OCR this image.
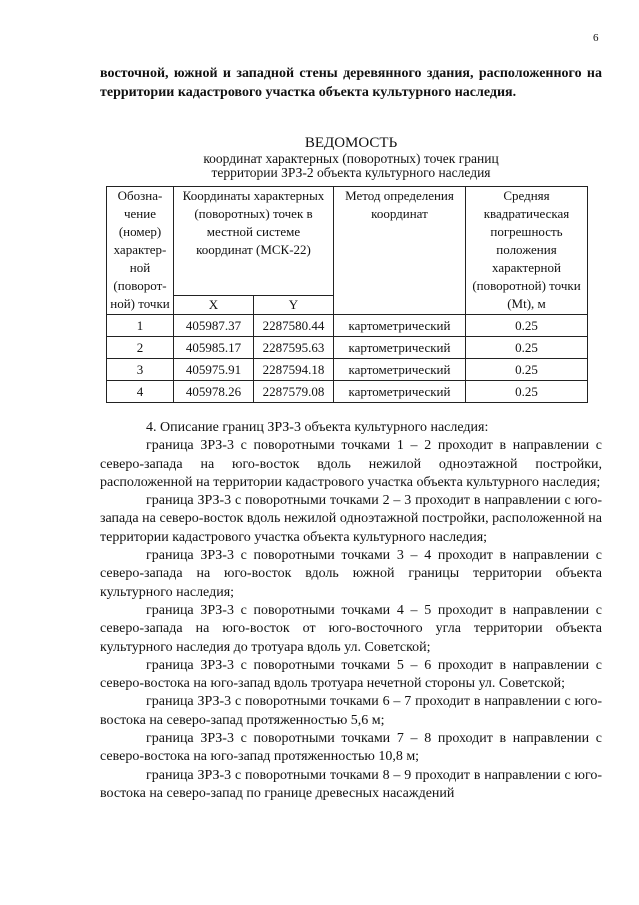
6

восточной, южной и западной стены деревянного здания, расположенного на территории кадастрового участка объекта культурного наследия.

ВЕДОМОСТЬ
координат характерных (поворотных) точек границ
территории ЗРЗ-2 объекта культурного наследия
Обозна- чение (номер) характер- ной (поворот- ной) точки	Координаты характерных (поворотных) точек в местной системе координат (МСК-22)		Метод определения координат	Средняя квадратическая погрешность положения характерной (поворотной) точки (Mt), м
	X	Y		
1	405987.37	2287580.44	картометрический	0.25
2	405985.17	2287595.63	картометрический	0.25
3	405975.91	2287594.18	картометрический	0.25
4	405978.26	2287579.08	картометрический	0.25

4. Описание границ ЗРЗ-3 объекта культурного наследия:

граница ЗРЗ-3 с поворотными точками 1 – 2 проходит в направлении с северо-запада на юго-восток вдоль нежилой одноэтажной постройки, расположенной на территории кадастрового участка объекта культурного наследия;

граница ЗРЗ-3 с поворотными точками 2 – 3 проходит в направлении с юго-запада на северо-восток вдоль нежилой одноэтажной постройки, расположенной на территории кадастрового участка объекта культурного наследия;

граница ЗРЗ-3 с поворотными точками 3 – 4 проходит в направлении с северо-запада на юго-восток вдоль южной границы территории объекта культурного наследия;

граница ЗРЗ-3 с поворотными точками 4 – 5 проходит в направлении с северо-запада на юго-восток от юго-восточного угла территории объекта культурного наследия до тротуара вдоль ул. Советской;

граница ЗРЗ-3 с поворотными точками 5 – 6 проходит в направлении с северо-востока на юго-запад вдоль тротуара нечетной стороны ул. Советской;

граница ЗРЗ-3 с поворотными точками 6 – 7 проходит в направлении с юго-востока на северо-запад протяженностью 5,6 м;

граница ЗРЗ-3 с поворотными точками 7 – 8 проходит в направлении с северо-востока на юго-запад протяженностью 10,8 м;

граница ЗРЗ-3 с поворотными точками 8 – 9 проходит в направлении с юго-востока на северо-запад по границе древесных насаждений
